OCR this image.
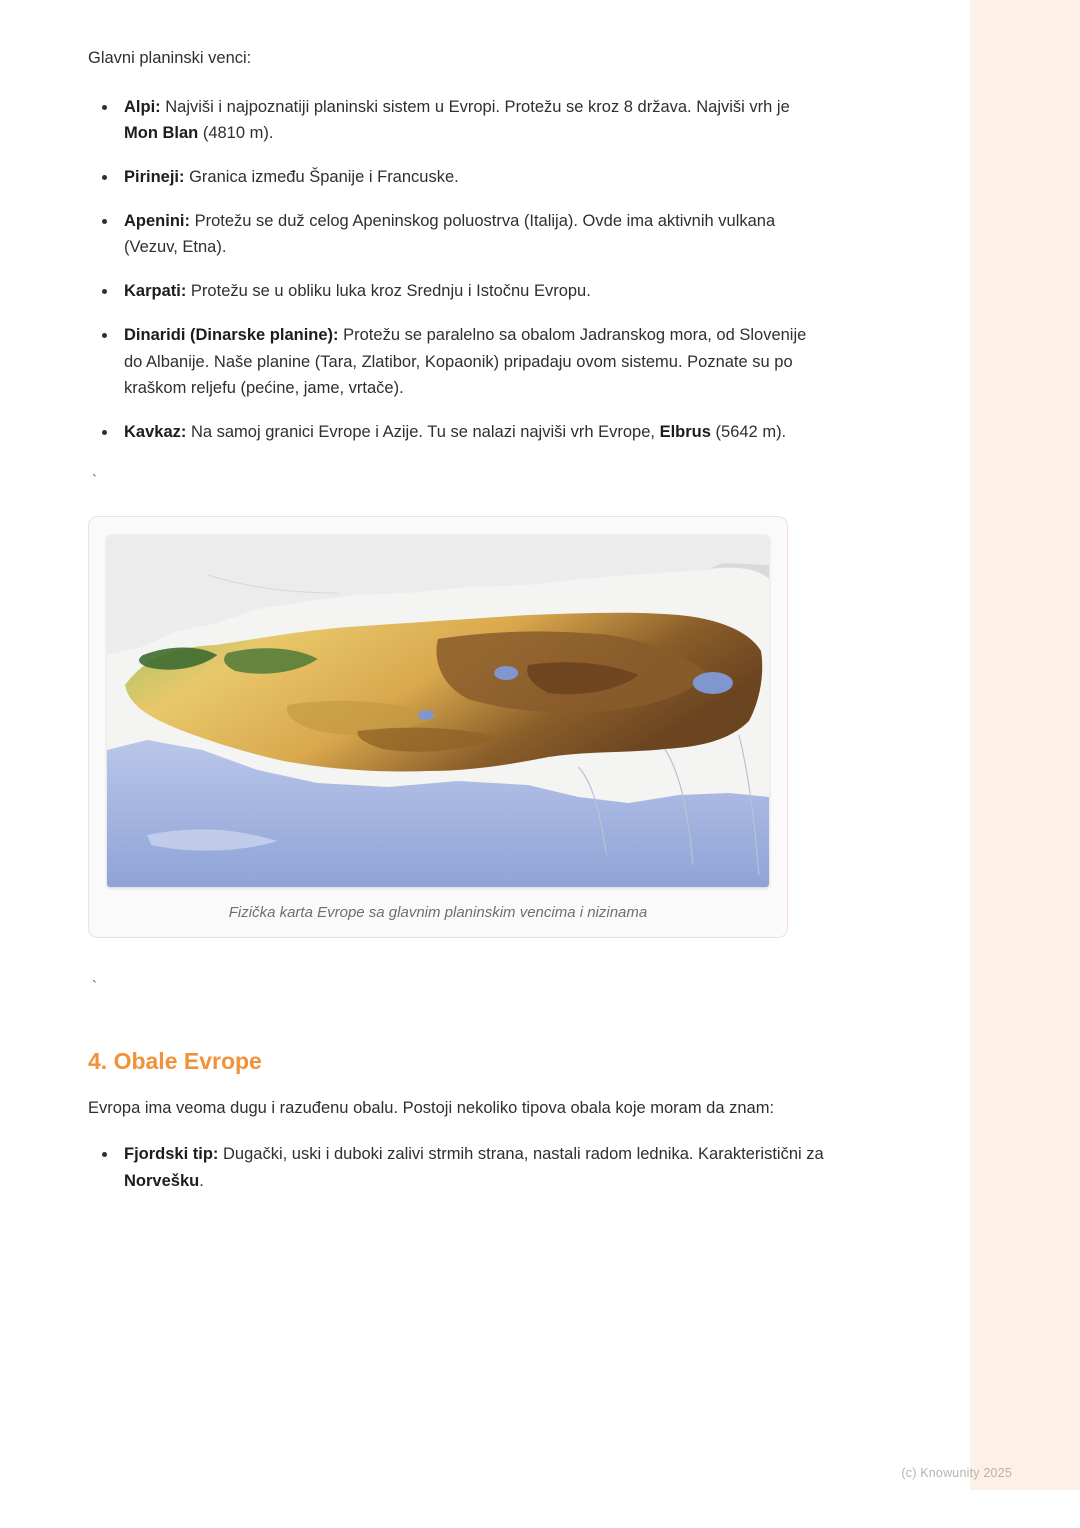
Glavni planinski venci:

Alpi: Najviši i najpoznatiji planinski sistem u Evropi. Protežu se kroz 8 država. Najviši vrh je Mon Blan (4810 m).
Pirineji: Granica između Španije i Francuske.
Apenini: Protežu se duž celog Apeninskog poluostrva (Italija). Ovde ima aktivnih vulkana (Vezuv, Etna).
Karpati: Protežu se u obliku luka kroz Srednju i Istočnu Evropu.
Dinaridi (Dinarske planine): Protežu se paralelno sa obalom Jadranskog mora, od Slovenije do Albanije. Naše planine (Tara, Zlatibor, Kopaonik) pripadaju ovom sistemu. Poznate su po kraškom reljefu (pećine, jame, vrtače).
Kavkaz: Na samoj granici Evrope i Azije. Tu se nalazi najviši vrh Evrope, Elbrus (5642 m).
`
Fizička karta Evrope sa glavnim planinskim vencima i nizinama
`
4. Obale Evrope

Evropa ima veoma dugu i razuđenu obalu. Postoji nekoliko tipova obala koje moram da znam:

Fjordski tip: Dugački, uski i duboki zalivi strmih strana, nastali radom lednika. Karakteristični za Norvešku.
(c) Knowunity 2025
